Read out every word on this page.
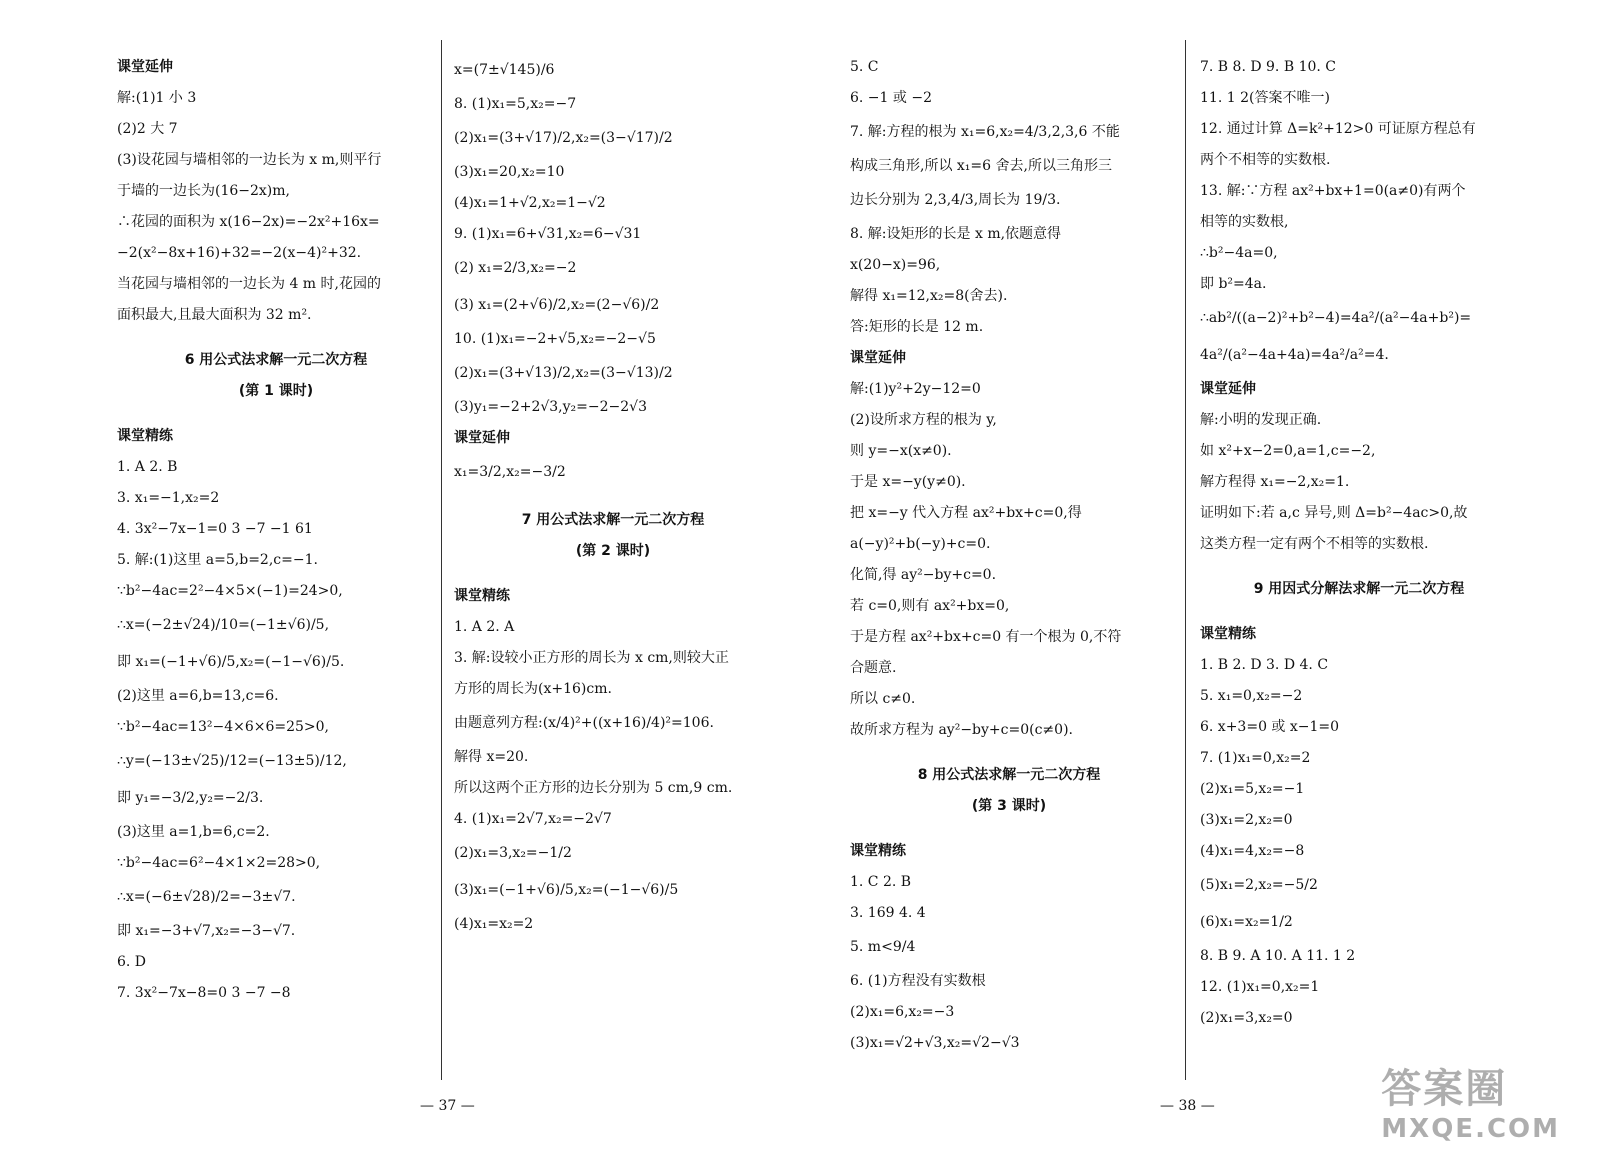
课堂延伸
解:(1)1 小 3
(2)2 大 7
(3)设花园与墙相邻的一边长为 x m,则平行
于墙的一边长为(16−2x)m,
∴花园的面积为 x(16−2x)=−2x²+16x=
−2(x²−8x+16)+32=−2(x−4)²+32.
当花园与墙相邻的一边长为 4 m 时,花园的
面积最大,且最大面积为 32 m².
6 用公式法求解一元二次方程
(第 1 课时)
课堂精练
1. A 2. B
3. x₁=−1,x₂=2
4. 3x²−7x−1=0 3 −7 −1 61
5. 解:(1)这里 a=5,b=2,c=−1.
∵b²−4ac=2²−4×5×(−1)=24>0,
∴x=(−2±√24)/10=(−1±√6)/5,
即 x₁=(−1+√6)/5,x₂=(−1−√6)/5.
(2)这里 a=6,b=13,c=6.
∵b²−4ac=13²−4×6×6=25>0,
∴y=(−13±√25)/12=(−13±5)/12,
即 y₁=−3/2,y₂=−2/3.
(3)这里 a=1,b=6,c=2.
∵b²−4ac=6²−4×1×2=28>0,
∴x=(−6±√28)/2=−3±√7.
即 x₁=−3+√7,x₂=−3−√7.
6. D
7. 3x²−7x−8=0 3 −7 −8
x=(7±√145)/6
8. (1)x₁=5,x₂=−7
(2)x₁=(3+√17)/2,x₂=(3−√17)/2
(3)x₁=20,x₂=10
(4)x₁=1+√2,x₂=1−√2
9. (1)x₁=6+√31,x₂=6−√31
(2) x₁=2/3,x₂=−2
(3) x₁=(2+√6)/2,x₂=(2−√6)/2
10. (1)x₁=−2+√5,x₂=−2−√5
(2)x₁=(3+√13)/2,x₂=(3−√13)/2
(3)y₁=−2+2√3,y₂=−2−2√3
课堂延伸
x₁=3/2,x₂=−3/2
7 用公式法求解一元二次方程
(第 2 课时)
课堂精练
1. A 2. A
3. 解:设较小正方形的周长为 x cm,则较大正
方形的周长为(x+16)cm.
由题意列方程:(x/4)²+((x+16)/4)²=106.
解得 x=20.
所以这两个正方形的边长分别为 5 cm,9 cm.
4. (1)x₁=2√7,x₂=−2√7
(2)x₁=3,x₂=−1/2
(3)x₁=(−1+√6)/5,x₂=(−1−√6)/5
(4)x₁=x₂=2
5. C
6. −1 或 −2
7. 解:方程的根为 x₁=6,x₂=4/3,2,3,6 不能
构成三角形,所以 x₁=6 舍去,所以三角形三
边长分别为 2,3,4/3,周长为 19/3.
8. 解:设矩形的长是 x m,依题意得
x(20−x)=96,
解得 x₁=12,x₂=8(舍去).
答:矩形的长是 12 m.
课堂延伸
解:(1)y²+2y−12=0
(2)设所求方程的根为 y,
则 y=−x(x≠0).
于是 x=−y(y≠0).
把 x=−y 代入方程 ax²+bx+c=0,得
a(−y)²+b(−y)+c=0.
化简,得 ay²−by+c=0.
若 c=0,则有 ax²+bx=0,
于是方程 ax²+bx+c=0 有一个根为 0,不符
合题意.
所以 c≠0.
故所求方程为 ay²−by+c=0(c≠0).
8 用公式法求解一元二次方程
(第 3 课时)
课堂精练
1. C 2. B
3. 169 4. 4
5. m<9/4
6. (1)方程没有实数根
(2)x₁=6,x₂=−3
(3)x₁=√2+√3,x₂=√2−√3
7. B 8. D 9. B 10. C
11. 1 2(答案不唯一)
12. 通过计算 Δ=k²+12>0 可证原方程总有
两个不相等的实数根.
13. 解:∵方程 ax²+bx+1=0(a≠0)有两个
相等的实数根,
∴b²−4a=0,
即 b²=4a.
∴ab²/((a−2)²+b²−4)=4a²/(a²−4a+b²)=
4a²/(a²−4a+4a)=4a²/a²=4.
课堂延伸
解:小明的发现正确.
如 x²+x−2=0,a=1,c=−2,
解方程得 x₁=−2,x₂=1.
证明如下:若 a,c 异号,则 Δ=b²−4ac>0,故
这类方程一定有两个不相等的实数根.
9 用因式分解法求解一元二次方程
课堂精练
1. B 2. D 3. D 4. C
5. x₁=0,x₂=−2
6. x+3=0 或 x−1=0
7. (1)x₁=0,x₂=2
(2)x₁=5,x₂=−1
(3)x₁=2,x₂=0
(4)x₁=4,x₂=−8
(5)x₁=2,x₂=−5/2
(6)x₁=x₂=1/2
8. B 9. A 10. A 11. 1 2
12. (1)x₁=0,x₂=1
(2)x₁=3,x₂=0
— 37 —	— 38 —	答案圈
MXQE.COM
